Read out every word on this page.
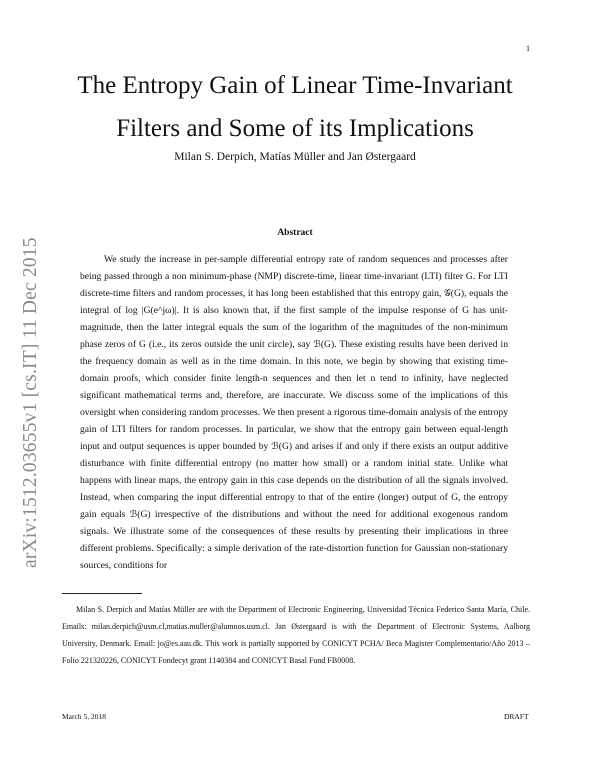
1
arXiv:1512.03655v1 [cs.IT] 11 Dec 2015
The Entropy Gain of Linear Time-Invariant Filters and Some of its Implications
Milan S. Derpich, Matías Müller and Jan Østergaard
Abstract

We study the increase in per-sample differential entropy rate of random sequences and processes after being passed through a non minimum-phase (NMP) discrete-time, linear time-invariant (LTI) filter G. For LTI discrete-time filters and random processes, it has long been established that this entropy gain, 𝒢(G), equals the integral of log |G(e^jω)|. It is also known that, if the first sample of the impulse response of G has unit-magnitude, then the latter integral equals the sum of the logarithm of the magnitudes of the non-minimum phase zeros of G (i.e., its zeros outside the unit circle), say ℬ(G). These existing results have been derived in the frequency domain as well as in the time domain. In this note, we begin by showing that existing time-domain proofs, which consider finite length-n sequences and then let n tend to infinity, have neglected significant mathematical terms and, therefore, are inaccurate. We discuss some of the implications of this oversight when considering random processes. We then present a rigorous time-domain analysis of the entropy gain of LTI filters for random processes. In particular, we show that the entropy gain between equal-length input and output sequences is upper bounded by ℬ(G) and arises if and only if there exists an output additive disturbance with finite differential entropy (no matter how small) or a random initial state. Unlike what happens with linear maps, the entropy gain in this case depends on the distribution of all the signals involved. Instead, when comparing the input differential entropy to that of the entire (longer) output of G, the entropy gain equals ℬ(G) irrespective of the distributions and without the need for additional exogenous random signals. We illustrate some of the consequences of these results by presenting their implications in three different problems. Specifically: a simple derivation of the rate-distortion function for Gaussian non-stationary sources, conditions for

Milan S. Derpich and Matías Müller are with the Department of Electronic Engineering, Universidad Técnica Federico Santa María, Chile. Emails: milan.derpich@usm.cl,matias.muller@alumnos.usm.cl. Jan Østergaard is with the Department of Electronic Systems, Aalborg University, Denmark. Email: jo@es.aau.dk. This work is partially supported by CONICYT PCHA/ Beca Magister Complementario/Año 2013 – Folio 221320226, CONICYT Fondecyt grant 1140384 and CONICYT Basal Fund FB0008.

March 5, 2018	DRAFT
